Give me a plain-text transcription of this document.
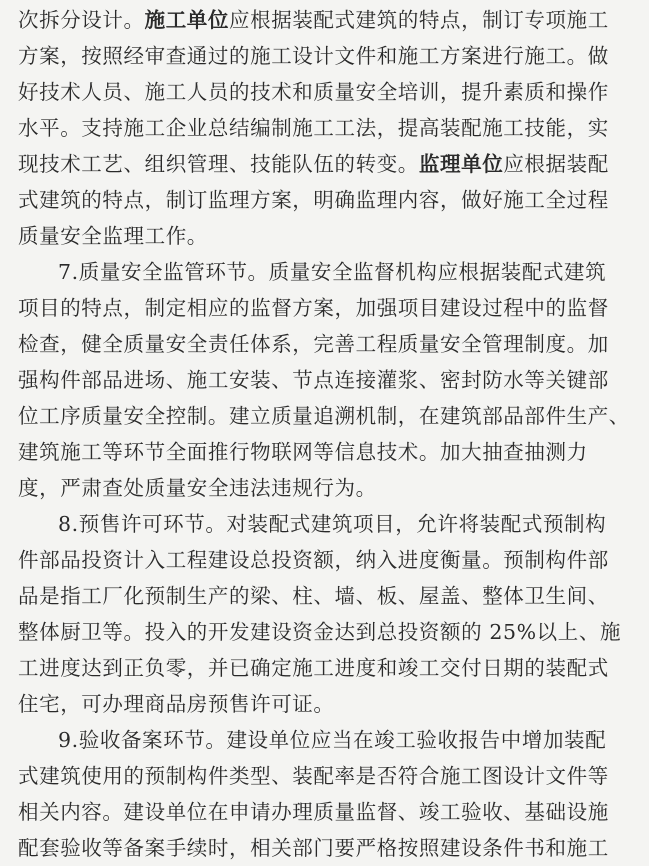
次拆分设计。施工单位应根据装配式建筑的特点，制订专项施工
方案，按照经审查通过的施工设计文件和施工方案进行施工。做
好技术人员、施工人员的技术和质量安全培训，提升素质和操作
水平。支持施工企业总结编制施工工法，提高装配施工技能，实
现技术工艺、组织管理、技能队伍的转变。监理单位应根据装配
式建筑的特点，制订监理方案，明确监理内容，做好施工全过程
质量安全监理工作。
7.质量安全监管环节。质量安全监督机构应根据装配式建筑
项目的特点，制定相应的监督方案，加强项目建设过程中的监督
检查，健全质量安全责任体系，完善工程质量安全管理制度。加
强构件部品进场、施工安装、节点连接灌浆、密封防水等关键部
位工序质量安全控制。建立质量追溯机制，在建筑部品部件生产、
建筑施工等环节全面推行物联网等信息技术。加大抽查抽测力
度，严肃查处质量安全违法违规行为。
8.预售许可环节。对装配式建筑项目，允许将装配式预制构
件部品投资计入工程建设总投资额，纳入进度衡量。预制构件部
品是指工厂化预制生产的梁、柱、墙、板、屋盖、整体卫生间、
整体厨卫等。投入的开发建设资金达到总投资额的 25%以上、施
工进度达到正负零，并已确定施工进度和竣工交付日期的装配式
住宅，可办理商品房预售许可证。
9.验收备案环节。建设单位应当在竣工验收报告中增加装配
式建筑使用的预制构件类型、装配率是否符合施工图设计文件等
相关内容。建设单位在申请办理质量监督、竣工验收、基础设施
配套验收等备案手续时，相关部门要严格按照建设条件书和施工
